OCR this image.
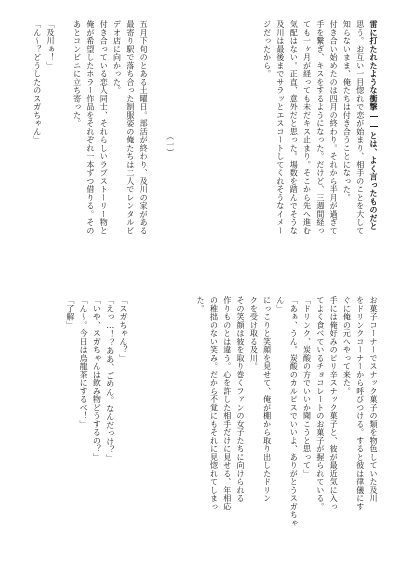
雷に打たれたような衝撃――とは、よく言ったものだと
思う。お互い一目惚れで恋が始まり、相手のことを大して
知らないまま、俺たちは付き合うことになった。
付き合い始めたのは四月の終わり。それから半月が過ぎて
手を繋ぎ、キスをするようになった。だけど、三週間経っ
ても一ヶ月が経っても未だキス止まり。そこから先へ進む
気配はない。正直、意外だと思った。場数を踏んでそうな
及川は最後までサラッとエスコートしてくれそうなイメー
ジだったから。
（一）
五月下旬のとある土曜日。部活が終わり、及川の家がある
最寄り駅で落ち合った制服姿の俺たちは二人でレンタルビ
デオ店に向かった。
付き合っている恋人同士、それらしいラブストーリー物と
俺が希望したホラー作品をそれぞれ一本ずつ借りる。その
あとコンビニに立ち寄った。
「及川ぁ！」
「ん〜？どうしたのスガちゃん」
お菓子コーナーでスナック菓子の類を物色していた及川
をドリンクコーナーから呼びつける。すると彼は律儀にす
ぐに俺の元へやって来た。
手には俺好みのピリ辛スナック菓子と、彼が最近気に入っ
てよく食べているチョコレートのお菓子が握られている。
「ドリンク、炭酸の方でいいか聞こうと思って」
「あぁ、うん。炭酸のカルピスでいいよ、ありがとうスガちゃ
ん」
にっこりと笑顔を見せて、俺が棚から取り出したドリン
クを受け取る及川。
その笑顔は彼を取り巻くファンの女子たちに向けられる
作りものとは違う。心を許した相手だけに見せる、年相応
の稚拙のない笑み。だから不覚にもそれに見惚れてしまっ
た。
「スガちゃん？」
「えっ…！？ああ、ごめん。なんだっけ？」
「いや、スガちゃんは飲み物どうするの？」
「ん〜。今日は烏龍茶にするべ！」
「了解」
